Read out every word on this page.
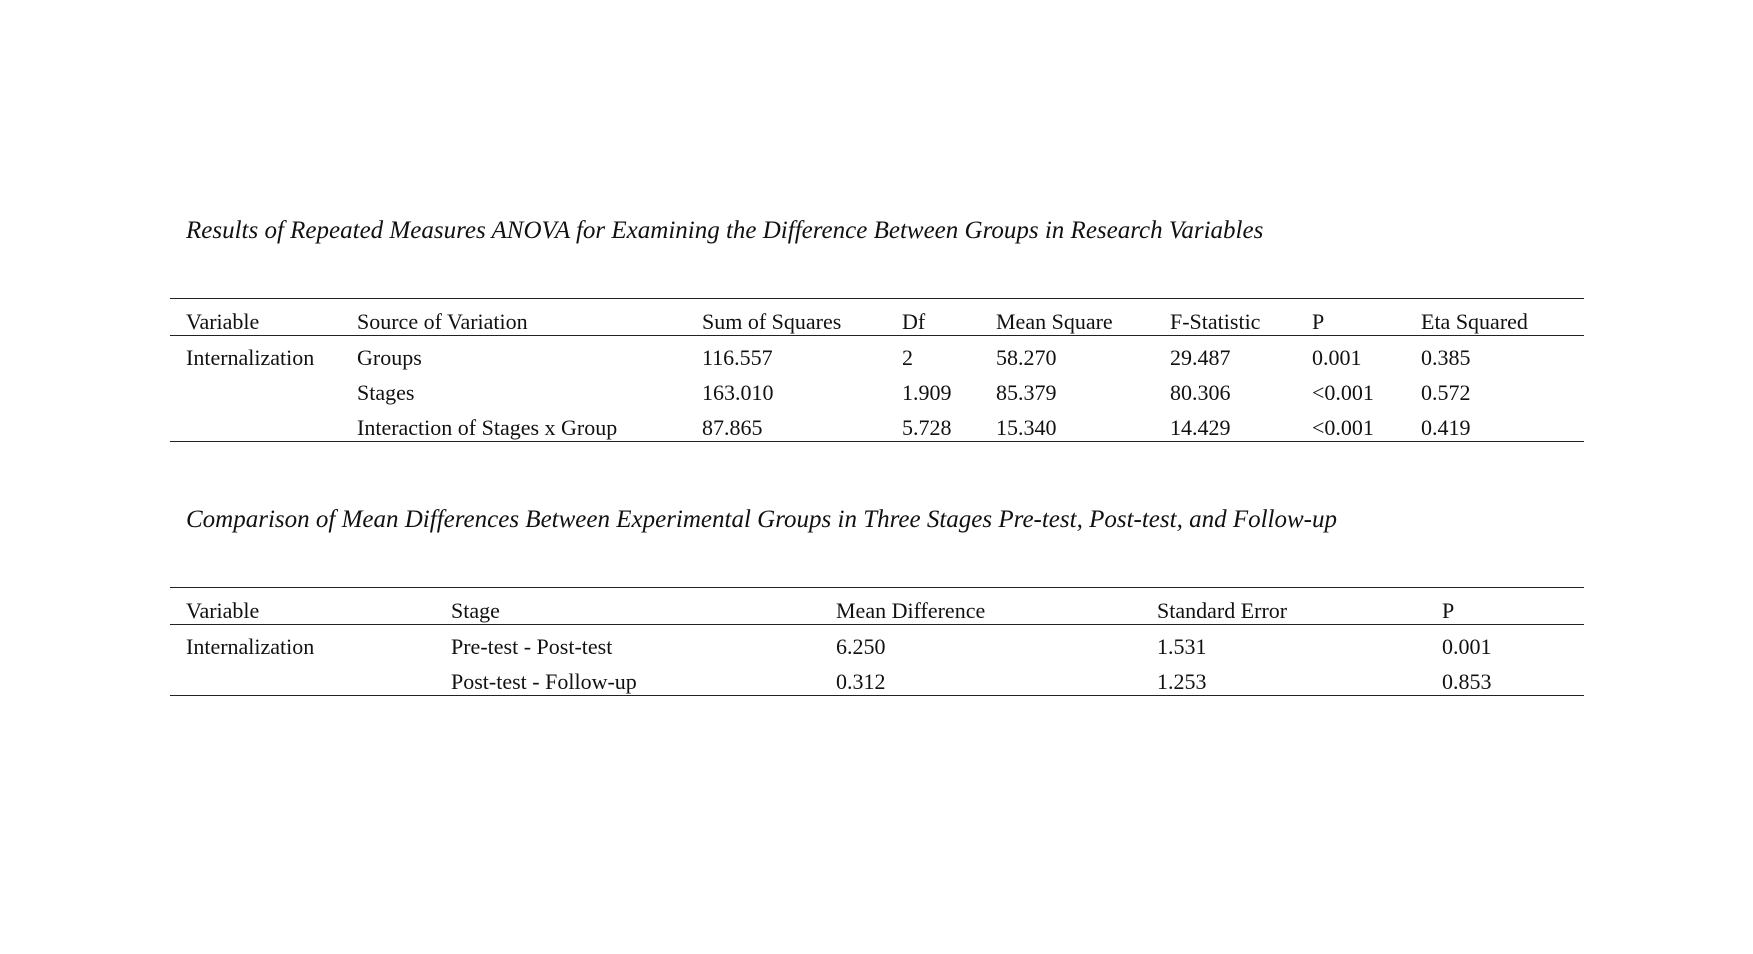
Results of Repeated Measures ANOVA for Examining the Difference Between Groups in Research Variables

Variable	Source of Variation	Sum of Squares	Df	Mean Square	F-Statistic	P	Eta Squared
Internalization	Groups	116.557	2	58.270	29.487	0.001	0.385
	Stages	163.010	1.909	85.379	80.306	<0.001	0.572
	Interaction of Stages x Group	87.865	5.728	15.340	14.429	<0.001	0.419

Comparison of Mean Differences Between Experimental Groups in Three Stages Pre-test, Post-test, and Follow-up

Variable	Stage	Mean Difference	Standard Error	P
Internalization	Pre-test - Post-test	6.250	1.531	0.001
	Post-test - Follow-up	0.312	1.253	0.853
